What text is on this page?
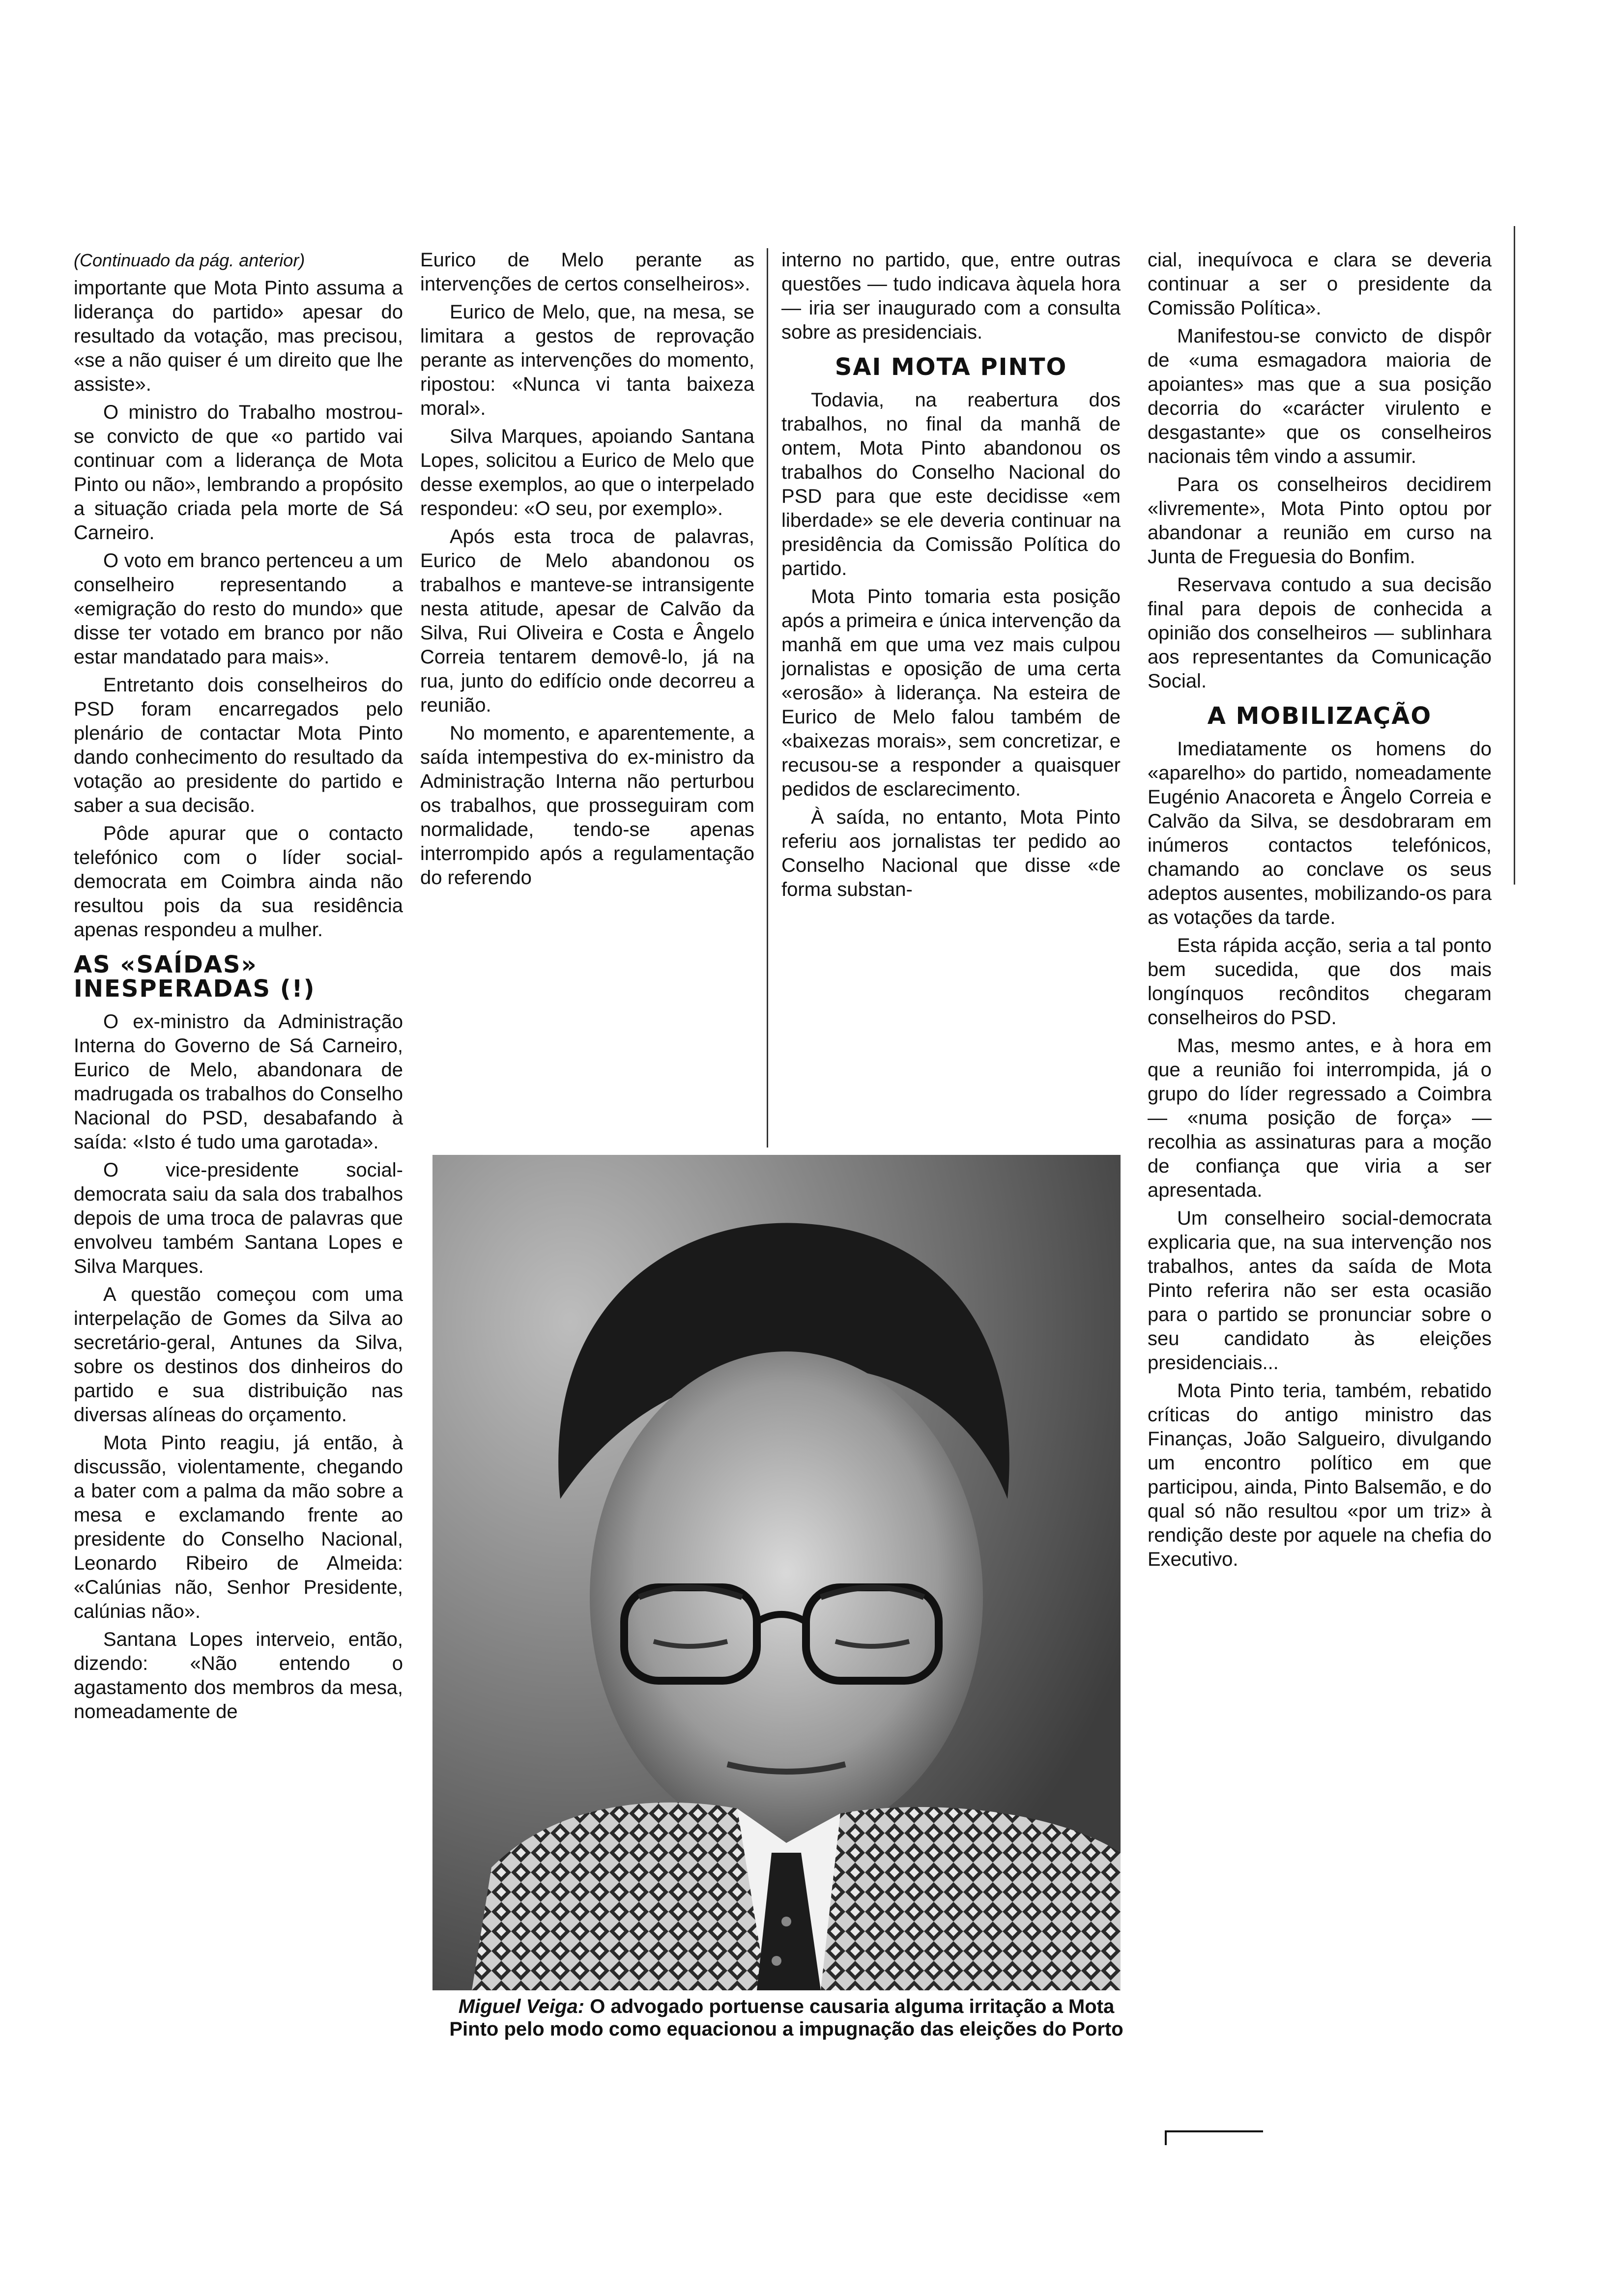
(Continuado da pág. anterior)

importante que Mota Pinto assuma a liderança do partido» apesar do resultado da votação, mas precisou, «se a não quiser é um direito que lhe assiste».

O ministro do Trabalho mostrou-se convicto de que «o partido vai continuar com a liderança de Mota Pinto ou não», lembrando a propósito a situação criada pela morte de Sá Carneiro.

O voto em branco pertenceu a um conselheiro representando a «emigração do resto do mundo» que disse ter votado em branco por não estar mandatado para mais».

Entretanto dois conselheiros do PSD foram encarregados pelo plenário de contactar Mota Pinto dando conhecimento do resultado da votação ao presidente do partido e saber a sua decisão.

Pôde apurar que o contacto telefónico com o líder social-democrata em Coimbra ainda não resultou pois da sua residência apenas respondeu a mulher.

AS «SAÍDAS» INESPERADAS (!)

O ex-ministro da Administração Interna do Governo de Sá Carneiro, Eurico de Melo, abandonara de madrugada os trabalhos do Conselho Nacional do PSD, desabafando à saída: «Isto é tudo uma garotada».

O vice-presidente social-democrata saiu da sala dos trabalhos depois de uma troca de palavras que envolveu também Santana Lopes e Silva Marques.

A questão começou com uma interpelação de Gomes da Silva ao secretário-geral, Antunes da Silva, sobre os destinos dos dinheiros do partido e sua distribuição nas diversas alíneas do orçamento.

Mota Pinto reagiu, já então, à discussão, violentamente, chegando a bater com a palma da mão sobre a mesa e exclamando frente ao presidente do Conselho Nacional, Leonardo Ribeiro de Almeida: «Calúnias não, Senhor Presidente, calúnias não».

Santana Lopes interveio, então, dizendo: «Não entendo o agastamento dos membros da mesa, nomeadamente de

Eurico de Melo perante as intervenções de certos conselheiros».

Eurico de Melo, que, na mesa, se limitara a gestos de reprovação perante as intervenções do momento, ripostou: «Nunca vi tanta baixeza moral».

Silva Marques, apoiando Santana Lopes, solicitou a Eurico de Melo que desse exemplos, ao que o interpelado respondeu: «O seu, por exemplo».

Após esta troca de palavras, Eurico de Melo abandonou os trabalhos e manteve-se intransigente nesta atitude, apesar de Calvão da Silva, Rui Oliveira e Costa e Ângelo Correia tentarem demovê-lo, já na rua, junto do edifício onde decorreu a reunião.

No momento, e aparentemente, a saída intempestiva do ex-ministro da Administração Interna não perturbou os trabalhos, que prosseguiram com normalidade, tendo-se apenas interrompido após a regulamentação do referendo

interno no partido, que, entre outras questões — tudo indicava àquela hora — iria ser inaugurado com a consulta sobre as presidenciais.

SAI MOTA PINTO

Todavia, na reabertura dos trabalhos, no final da manhã de ontem, Mota Pinto abandonou os trabalhos do Conselho Nacional do PSD para que este decidisse «em liberdade» se ele deveria continuar na presidência da Comissão Política do partido.

Mota Pinto tomaria esta posição após a primeira e única intervenção da manhã em que uma vez mais culpou jornalistas e oposição de uma certa «erosão» à liderança. Na esteira de Eurico de Melo falou também de «baixezas morais», sem concretizar, e recusou-se a responder a quaisquer pedidos de esclarecimento.

À saída, no entanto, Mota Pinto referiu aos jornalistas ter pedido ao Conselho Nacional que disse «de forma substan-

cial, inequívoca e clara se deveria continuar a ser o presidente da Comissão Política».

Manifestou-se convicto de dispôr de «uma esmagadora maioria de apoiantes» mas que a sua posição decorria do «carácter virulento e desgastante» que os conselheiros nacionais têm vindo a assumir.

Para os conselheiros decidirem «livremente», Mota Pinto optou por abandonar a reunião em curso na Junta de Freguesia do Bonfim.

Reservava contudo a sua decisão final para depois de conhecida a opinião dos conselheiros — sublinhara aos representantes da Comunicação Social.

A MOBILIZAÇÃO

Imediatamente os homens do «aparelho» do partido, nomeadamente Eugénio Anacoreta e Ângelo Correia e Calvão da Silva, se desdobraram em inúmeros contactos telefónicos, chamando ao conclave os seus adeptos ausentes, mobilizando-os para as votações da tarde.

Esta rápida acção, seria a tal ponto bem sucedida, que dos mais longínquos recônditos chegaram conselheiros do PSD.

Mas, mesmo antes, e à hora em que a reunião foi interrompida, já o grupo do líder regressado a Coimbra — «numa posição de força» — recolhia as assinaturas para a moção de confiança que viria a ser apresentada.

Um conselheiro social-democrata explicaria que, na sua intervenção nos trabalhos, antes da saída de Mota Pinto referira não ser esta ocasião para o partido se pronunciar sobre o seu candidato às eleições presidenciais...

Mota Pinto teria, também, rebatido críticas do antigo ministro das Finanças, João Salgueiro, divulgando um encontro político em que participou, ainda, Pinto Balsemão, e do qual só não resultou «por um triz» à rendição deste por aquele na chefia do Executivo.

Miguel Veiga: O advogado portuense causaria alguma irritação a Mota Pinto pelo modo como equacionou a impugnação das eleições do Porto
